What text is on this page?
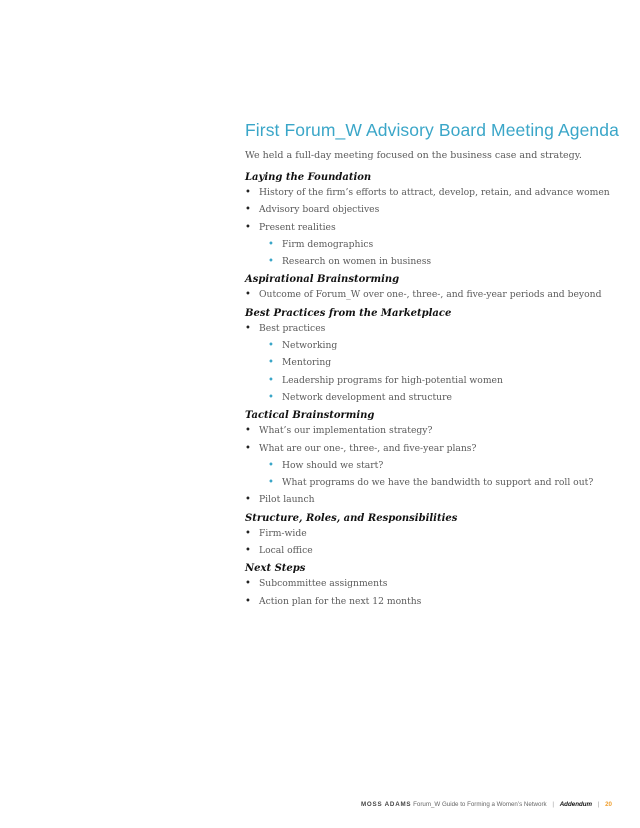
First Forum_W Advisory Board Meeting Agenda

We held a full-day meeting focused on the business case and strategy.

Laying the Foundation
• History of the firm’s efforts to attract, develop, retain, and advance women
• Advisory board objectives
• Present realities
• Firm demographics
• Research on women in business
Aspirational Brainstorming
• Outcome of Forum_W over one-, three-, and five-year periods and beyond
Best Practices from the Marketplace
• Best practices
• Networking
• Mentoring
• Leadership programs for high-potential women
• Network development and structure
Tactical Brainstorming
• What’s our implementation strategy?
• What are our one-, three-, and five-year plans?
• How should we start?
• What programs do we have the bandwidth to support and roll out?
• Pilot launch
Structure, Roles, and Responsibilities
• Firm-wide
• Local office
Next Steps
• Subcommittee assignments
• Action plan for the next 12 months
MOSS ADAMS Forum_W Guide to Forming a Women’s Network | Addendum | 20
